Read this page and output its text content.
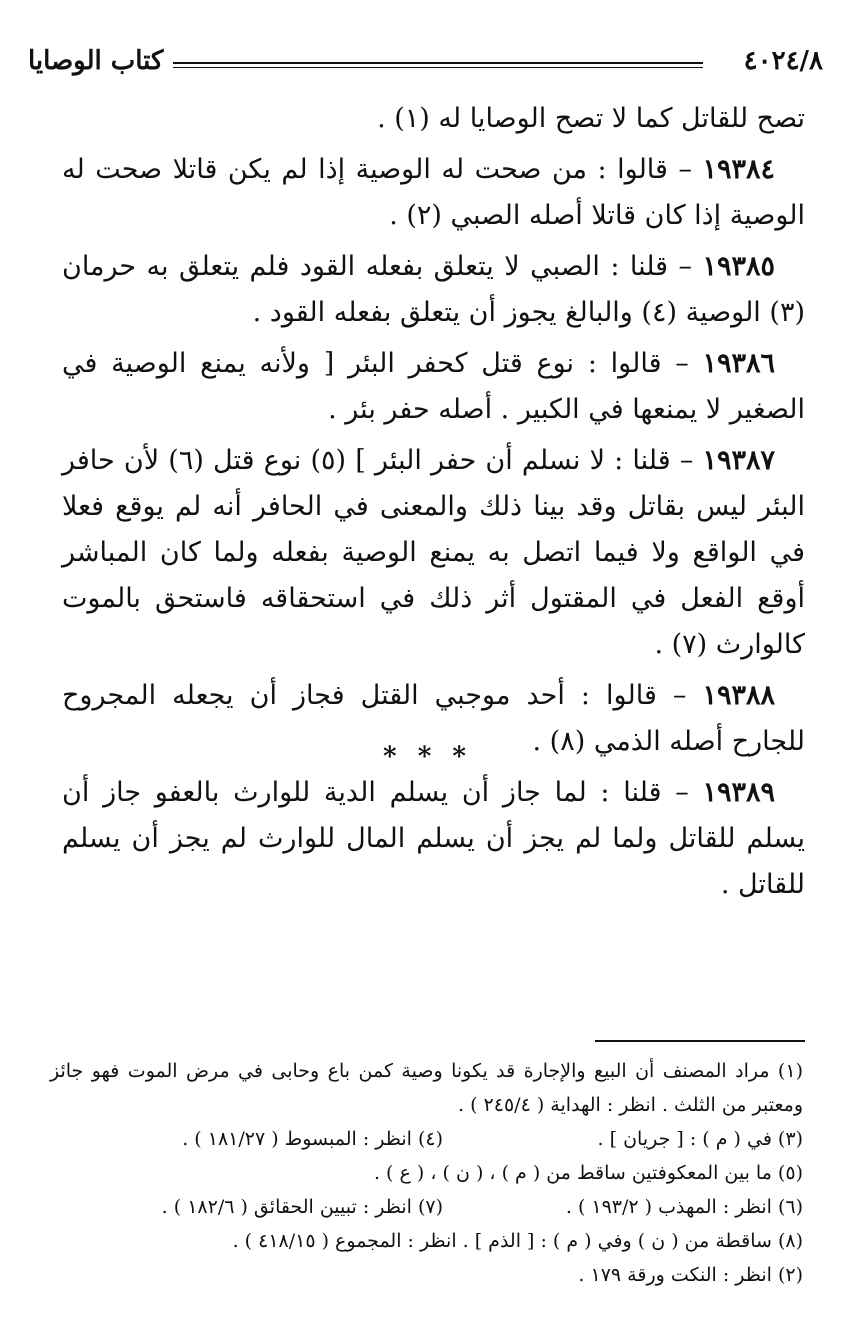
كتاب الوصايا	٤٠٢٤/٨

تصح للقاتل كما لا تصح الوصايا له (١) .

١٩٣٨٤ – قالوا : من صحت له الوصية إذا لم يكن قاتلا صحت له الوصية إذا كان قاتلا أصله الصبي (٢) .

١٩٣٨٥ – قلنا : الصبي لا يتعلق بفعله القود فلم يتعلق به حرمان (٣) الوصية (٤) والبالغ يجوز أن يتعلق بفعله القود .

١٩٣٨٦ – قالوا : نوع قتل كحفر البئر [ ولأنه يمنع الوصية في الصغير لا يمنعها في الكبير . أصله حفر بئر .

١٩٣٨٧ – قلنا : لا نسلم أن حفر البئر ] (٥) نوع قتل (٦) لأن حافر البئر ليس بقاتل وقد بينا ذلك والمعنى في الحافر أنه لم يوقع فعلا في الواقع ولا فيما اتصل به يمنع الوصية بفعله ولما كان المباشر أوقع الفعل في المقتول أثر ذلك في استحقاقه فاستحق بالموت كالوارث (٧) .

١٩٣٨٨ – قالوا : أحد موجبي القتل فجاز أن يجعله المجروح للجارح أصله الذمي (٨) .

١٩٣٨٩ – قلنا : لما جاز أن يسلم الدية للوارث بالعفو جاز أن يسلم للقاتل ولما لم يجز أن يسلم المال للوارث لم يجز أن يسلم للقاتل .

* * *
(١) مراد المصنف أن البيع والإجارة قد يكونا وصية كمن باع وحابى في مرض الموت فهو جائز ومعتبر من الثلث . انظر : الهداية ( ٢٤٥/٤ ) .
(٣) في ( م ) : [ جريان ] .
(٤) انظر : المبسوط ( ١٨١/٢٧ ) .
(٥) ما بين المعكوفتين ساقط من ( م ) ، ( ن ) ، ( ع ) .
(٦) انظر : المهذب ( ١٩٣/٢ ) .
(٧) انظر : تبيين الحقائق ( ١٨٢/٦ ) .
(٨) ساقطة من ( ن ) وفي ( م ) : [ الذم ] . انظر : المجموع ( ٤١٨/١٥ ) .
(٢) انظر : النكت ورقة ١٧٩ .
